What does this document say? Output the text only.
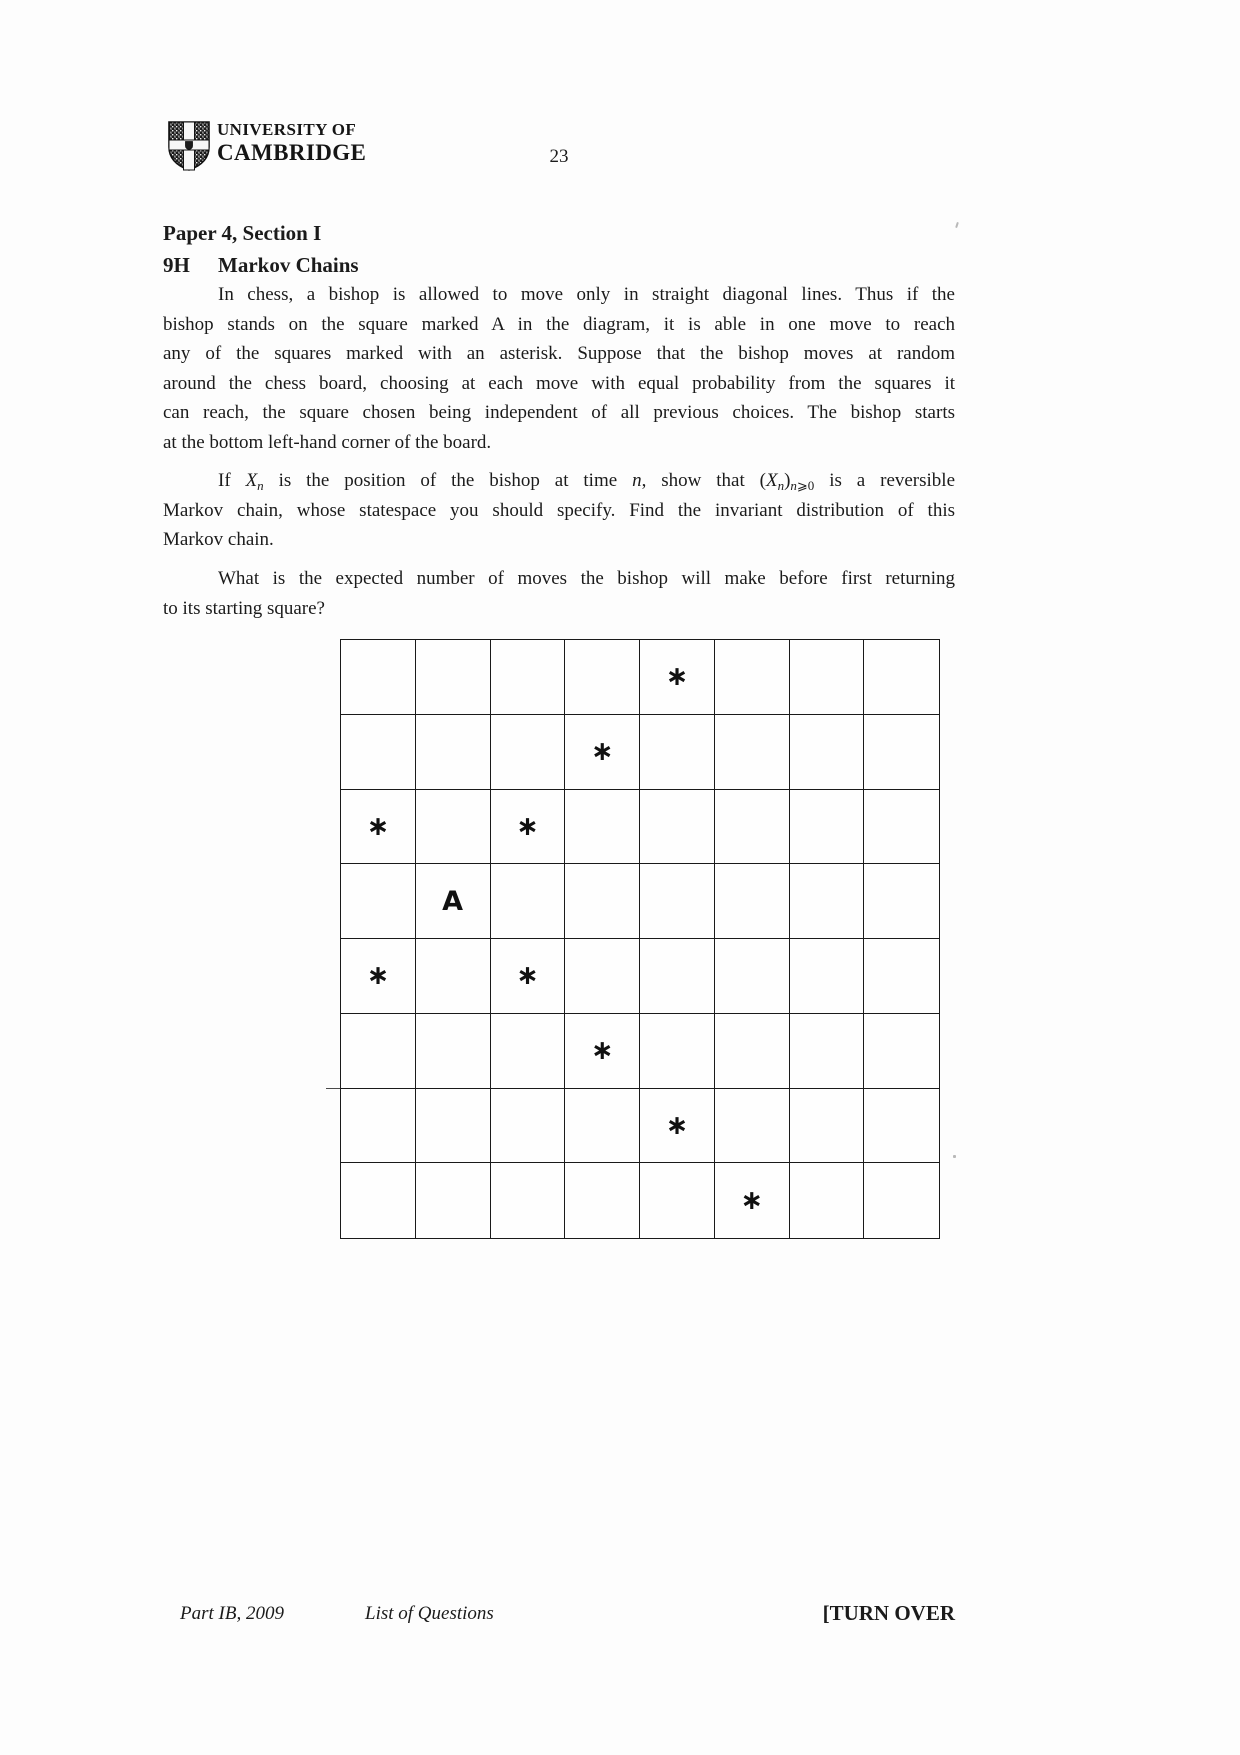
UNIVERSITY OF
CAMBRIDGE	23
Paper 4, Section I
9H Markov Chains
In chess, a bishop is allowed to move only in straight diagonal lines. Thus if the
bishop stands on the square marked A in the diagram, it is able in one move to reach
any of the squares marked with an asterisk. Suppose that the bishop moves at random
around the chess board, choosing at each move with equal probability from the squares it
can reach, the square chosen being independent of all previous choices. The bishop starts
at the bottom left-hand corner of the board.
If $X_n$ is the position of the bishop at time n, show that $(X_n)_{n⩾0}$ is a reversible
Markov chain, whose statespace you should specify. Find the invariant distribution of this
Markov chain.
What is the expected number of moves the bishop will make before first returning
to its starting square?
∗
∗
∗	∗
A
∗	∗
∗
∗
∗
Part IB, 2009	List of Questions	[TURN OVER
